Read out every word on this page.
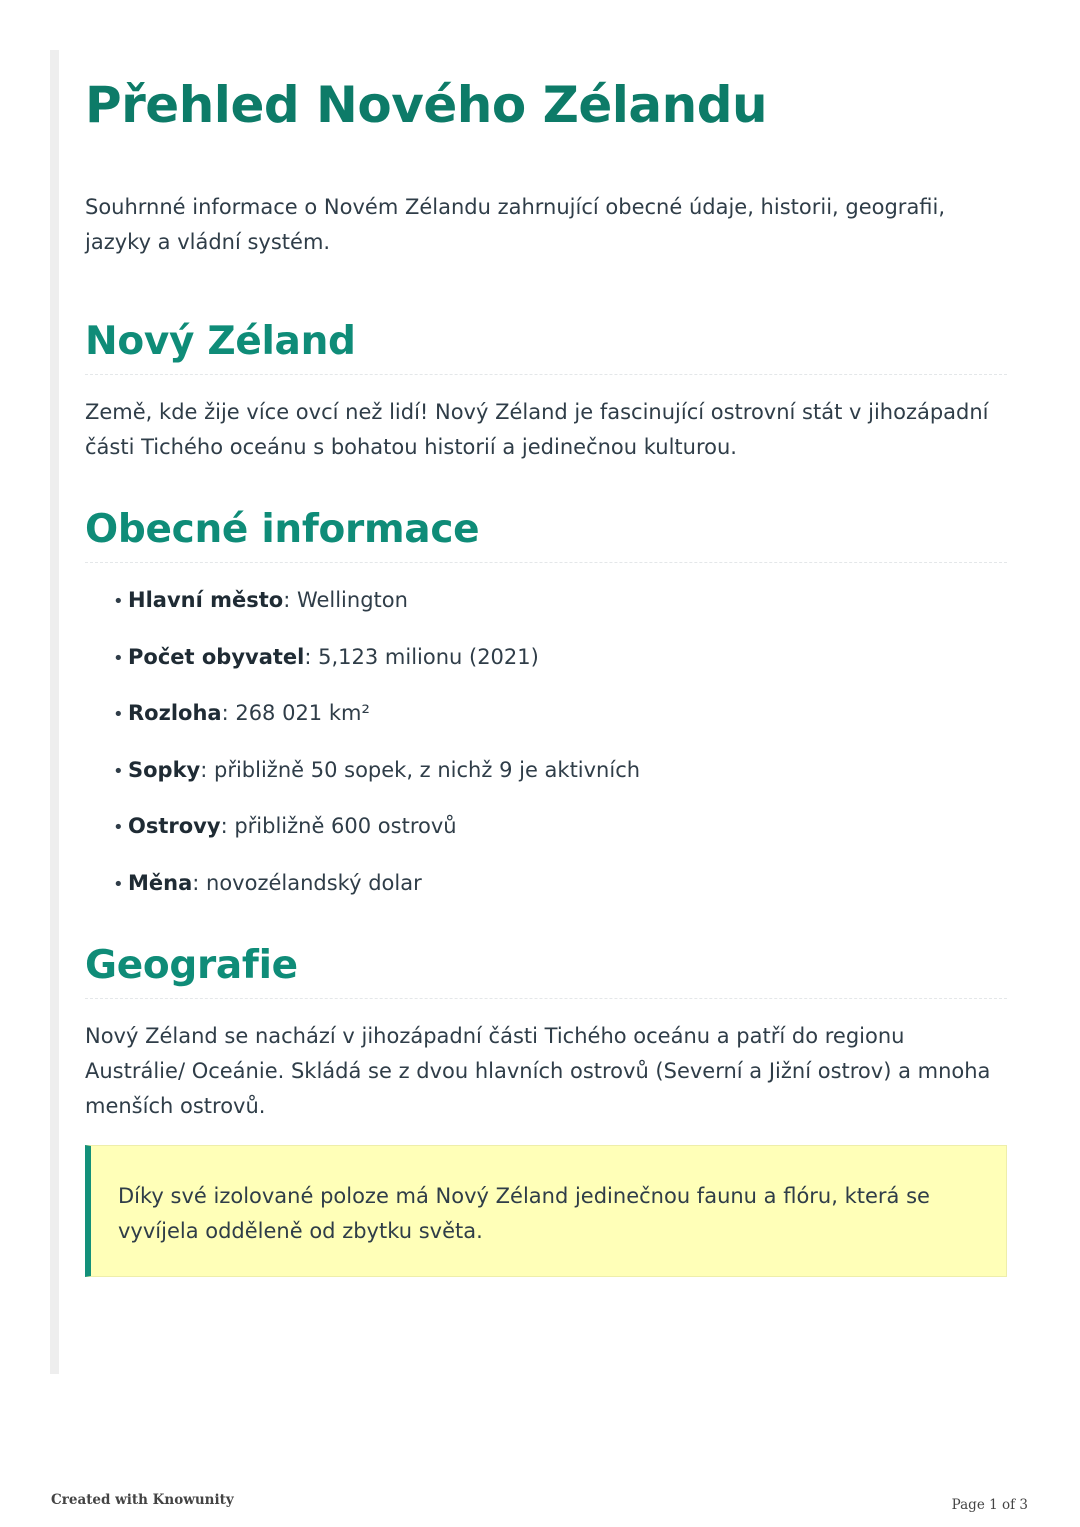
Přehled Nového Zélandu

Souhrnné informace o Novém Zélandu zahrnující obecné údaje, historii, geografii, jazyky a vládní systém.

Nový Zéland

Země, kde žije více ovcí než lidí! Nový Zéland je fascinující ostrovní stát v jihozápadní části Tichého oceánu s bohatou historií a jedinečnou kulturou.

Obecné informace
• Hlavní město: Wellington
• Počet obyvatel: 5,123 milionu (2021)
• Rozloha: 268 021 km²
• Sopky: přibližně 50 sopek, z nichž 9 je aktivních
• Ostrovy: přibližně 600 ostrovů
• Měna: novozélandský dolar
Geografie

Nový Zéland se nachází v jihozápadní části Tichého oceánu a patří do regionu Austrálie/ Oceánie. Skládá se z dvou hlavních ostrovů (Severní a Jižní ostrov) a mnoha menších ostrovů.

Díky své izolované poloze má Nový Zéland jedinečnou faunu a flóru, která se vyvíjela odděleně od zbytku světa.

Created with Knowunity	Page 1 of 3
